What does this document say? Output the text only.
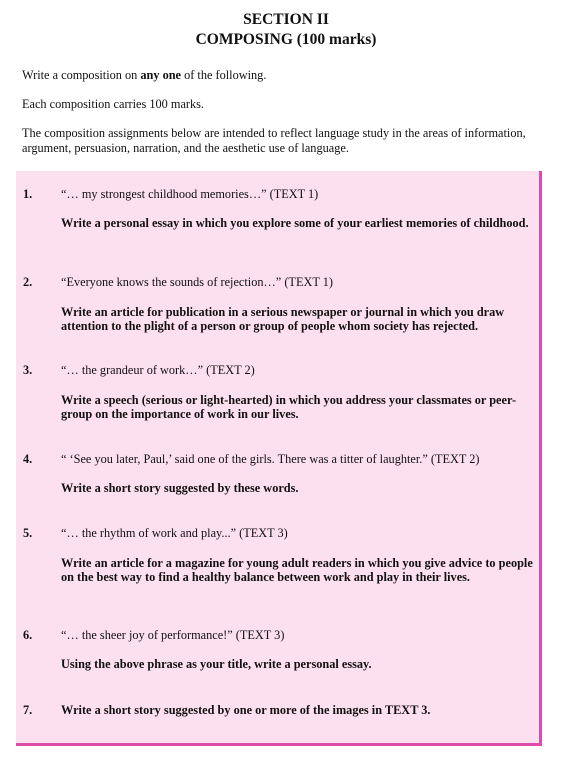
SECTION II
COMPOSING (100 marks)
Write a composition on any one of the following.
Each composition carries 100 marks.
The composition assignments below are intended to reflect language study in the areas of information, argument, persuasion, narration, and the aesthetic use of language.
1. “… my strongest childhood memories…” (TEXT 1)
Write a personal essay in which you explore some of your earliest memories of childhood.
2. “Everyone knows the sounds of rejection…” (TEXT 1)
Write an article for publication in a serious newspaper or journal in which you draw attention to the plight of a person or group of people whom society has rejected.
3. “… the grandeur of work…” (TEXT 2)
Write a speech (serious or light-hearted) in which you address your classmates or peer-group on the importance of work in our lives.
4. “ ‘See you later, Paul,’ said one of the girls. There was a titter of laughter.” (TEXT 2)
Write a short story suggested by these words.
5. “… the rhythm of work and play...” (TEXT 3)
Write an article for a magazine for young adult readers in which you give advice to people on the best way to find a healthy balance between work and play in their lives.
6. “… the sheer joy of performance!” (TEXT 3)
Using the above phrase as your title, write a personal essay.
7. Write a short story suggested by one or more of the images in TEXT 3.
